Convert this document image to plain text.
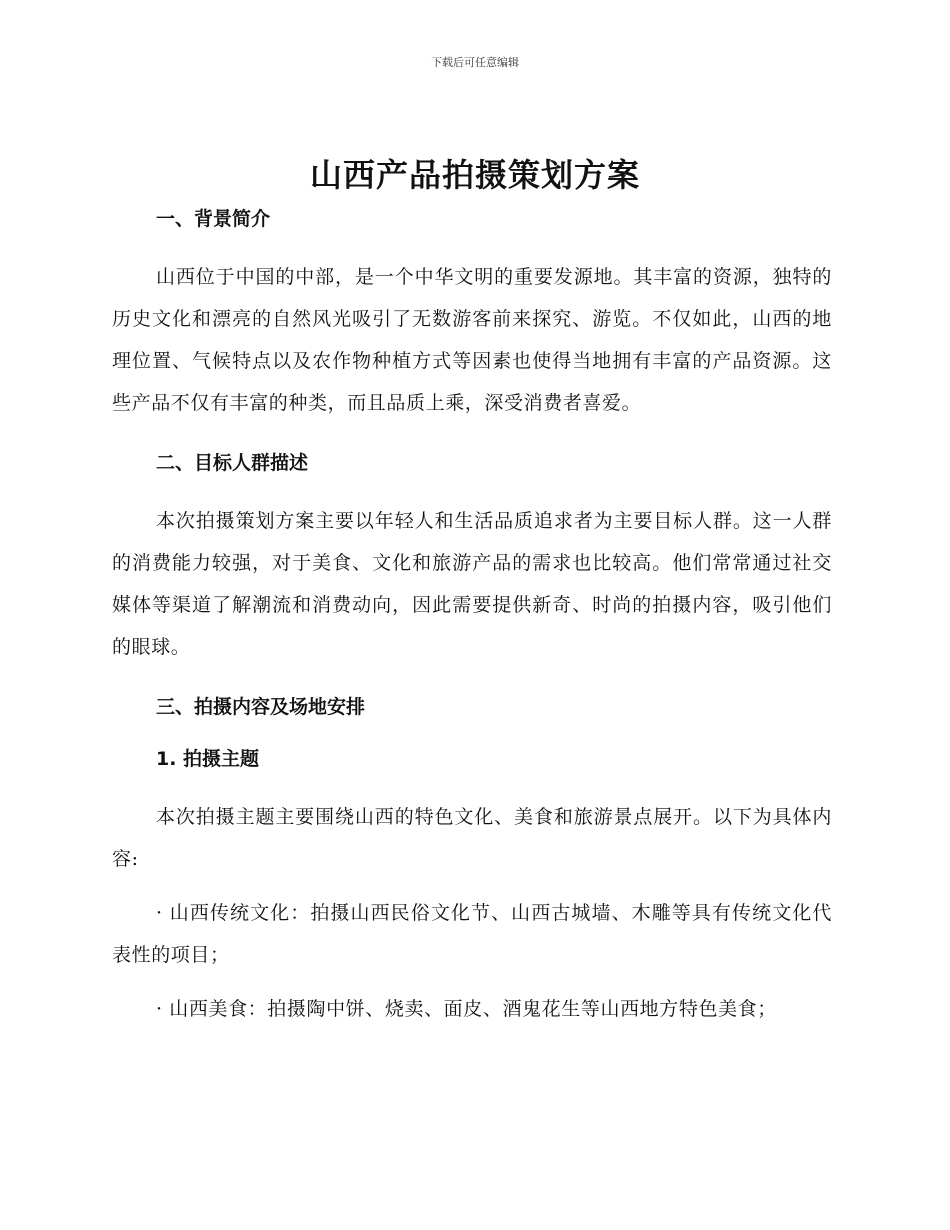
下载后可任意编辑
山西产品拍摄策划方案
一、背景简介

山西位于中国的中部，是一个中华文明的重要发源地。其丰富的资源，独特的历史文化和漂亮的自然风光吸引了无数游客前来探究、游览。不仅如此，山西的地理位置、气候特点以及农作物种植方式等因素也使得当地拥有丰富的产品资源。这些产品不仅有丰富的种类，而且品质上乘，深受消费者喜爱。

二、目标人群描述

本次拍摄策划方案主要以年轻人和生活品质追求者为主要目标人群。这一人群的消费能力较强，对于美食、文化和旅游产品的需求也比较高。他们常常通过社交媒体等渠道了解潮流和消费动向，因此需要提供新奇、时尚的拍摄内容，吸引他们的眼球。

三、拍摄内容及场地安排
1. 拍摄主题

本次拍摄主题主要围绕山西的特色文化、美食和旅游景点展开。以下为具体内容:

· 山西传统文化：拍摄山西民俗文化节、山西古城墙、木雕等具有传统文化代表性的项目；

· 山西美食：拍摄陶中饼、烧卖、面皮、酒鬼花生等山西地方特色美食；
